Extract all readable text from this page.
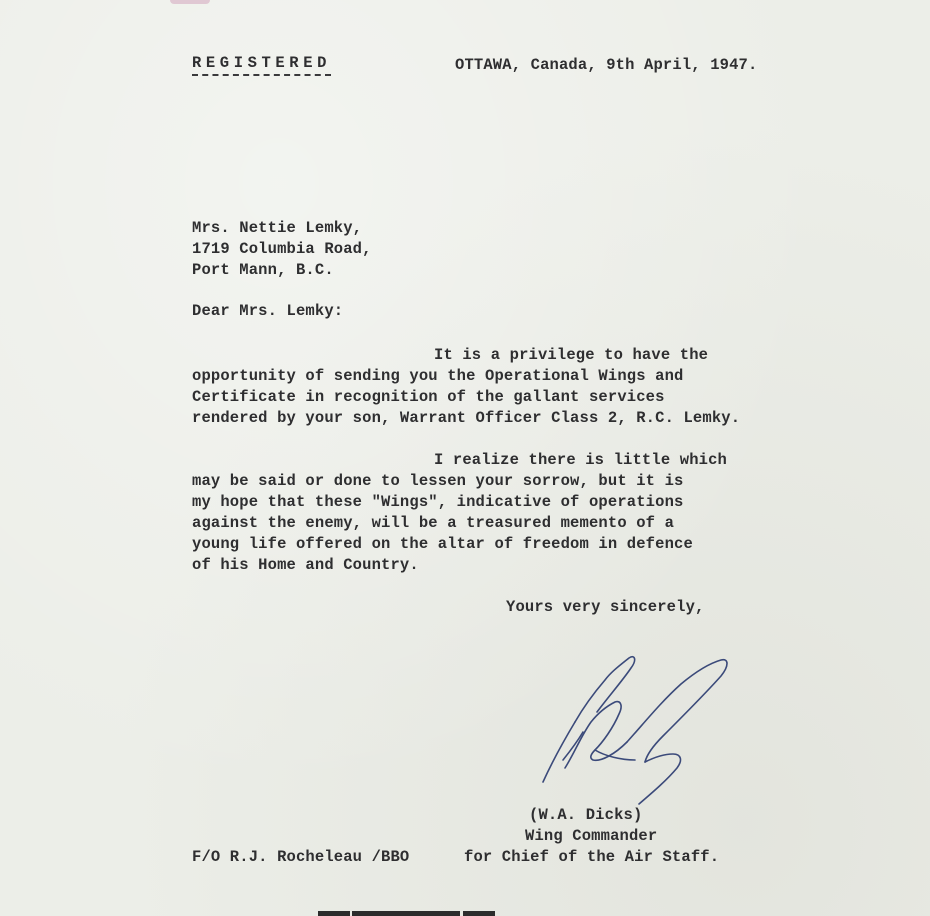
REGISTERED	OTTAWA, Canada, 9th April, 1947.
Mrs. Nettie Lemky,
1719 Columbia Road,
Port Mann, B.C.
Dear Mrs. Lemky:
It is a privilege to have the
opportunity of sending you the Operational Wings and
Certificate in recognition of the gallant services
rendered by your son, Warrant Officer Class 2, R.C. Lemky.
I realize there is little which
may be said or done to lessen your sorrow, but it is
my hope that these "Wings", indicative of operations
against the enemy, will be a treasured memento of a
young life offered on the altar of freedom in defence
of his Home and Country.
Yours very sincerely,
(W.A. Dicks)
Wing Commander
F/O R.J. Rocheleau /BBO	for Chief of the Air Staff.
